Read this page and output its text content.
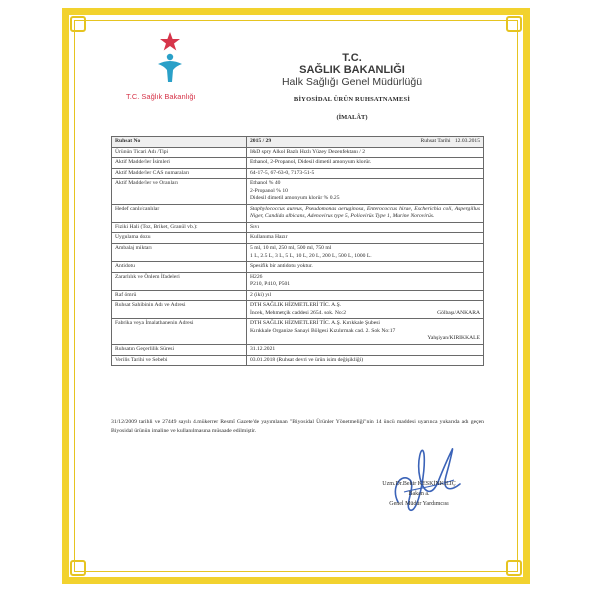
T.C. Sağlık Bakanlığı
T.C.
SAĞLIK BAKANLIĞI
Halk Sağlığı Genel Müdürlüğü
BİYOSİDAL ÜRÜN RUHSATNAMESİ
(İMALÂT)
Ruhsat No	2015 / 29 Ruhsat Tarihi 12.03.2015

Ürünün Ticari Adı /Tipi	I&D spry Alkol Bazlı Hızlı Yüzey Dezenfektanı / 2
Aktif Madde/ler İsimleri	Ethanol, 2-Propanol, Didesil dimetil amonyum klorür.
Aktif Madde/ler CAS numaraları	64-17-5, 67-63-0, 7173-51-5
Aktif Madde/ler ve Oranları	Ethanol % 40
2-Propanol % 10
Didesil dimetil amonyum klorür % 0.25

Hedef canlı/canlılar	Staphylococcus aureus, Pseudomonas aeruginosa, Enterococcus hirae, Escherichia coli, Aspergillus Niger, Candida albicans, Adenovirus type 5, Poliovirüs Type 1, Murine Norovirüs.
Fiziki Hali (Toz, Briket, Granül vb.):	Sıvı
Uygulama dozu	Kullanıma Hazır
Ambalaj miktarı	5 ml, 10 ml, 250 ml, 500 ml, 750 ml
1 L, 2.5 L, 3 L, 5 L, 10 L, 20 L, 200 L, 500 L, 1000 L.

Antidotu	Spesifik bir antidotu yoktur.
Zararlılık ve Önlem İfadeleri	H226
P210, P410, P501

Raf ömrü	2 (iki) yıl
Ruhsat Sahibinin Adı ve Adresi	DTH SAĞLIK HİZMETLERİ TİC. A.Ş.
İncek, Mehmetçik caddesi 2654. sok. No:2 Gölbaşı/ANKARA

Fabrika veya İmalathanenin Adresi	DTH SAĞLIK HİZMETLERİ TİC. A.Ş. Kırıkkale Şubesi
Kırıkkale Organize Sanayi Bölgesi Kızılırmak cad. 2. Sok No:17
Yahşiyan/KIRIKKALE

Ruhsatın Geçerlilik Süresi	31.12.2021
Verilis Tarihi ve Sebebi	03.01.2018 (Ruhsat devri ve ürün isim değişikliği)
31/12/2009 tarihli ve 27449 sayılı 4.mükerrer Resmî Gazete'de yayımlanan "Biyosidal Ürünler Yönetmeliği"nin 14 üncü maddesi uyarınca yukarıda adı geçen Biyosidal ürünün imaline ve kullanılmasına müsaade edilmiştir.
Uzm.Dr.Bekir KESKİNKILIÇ
Bakan a.
Genel Müdür Yardımcısı
